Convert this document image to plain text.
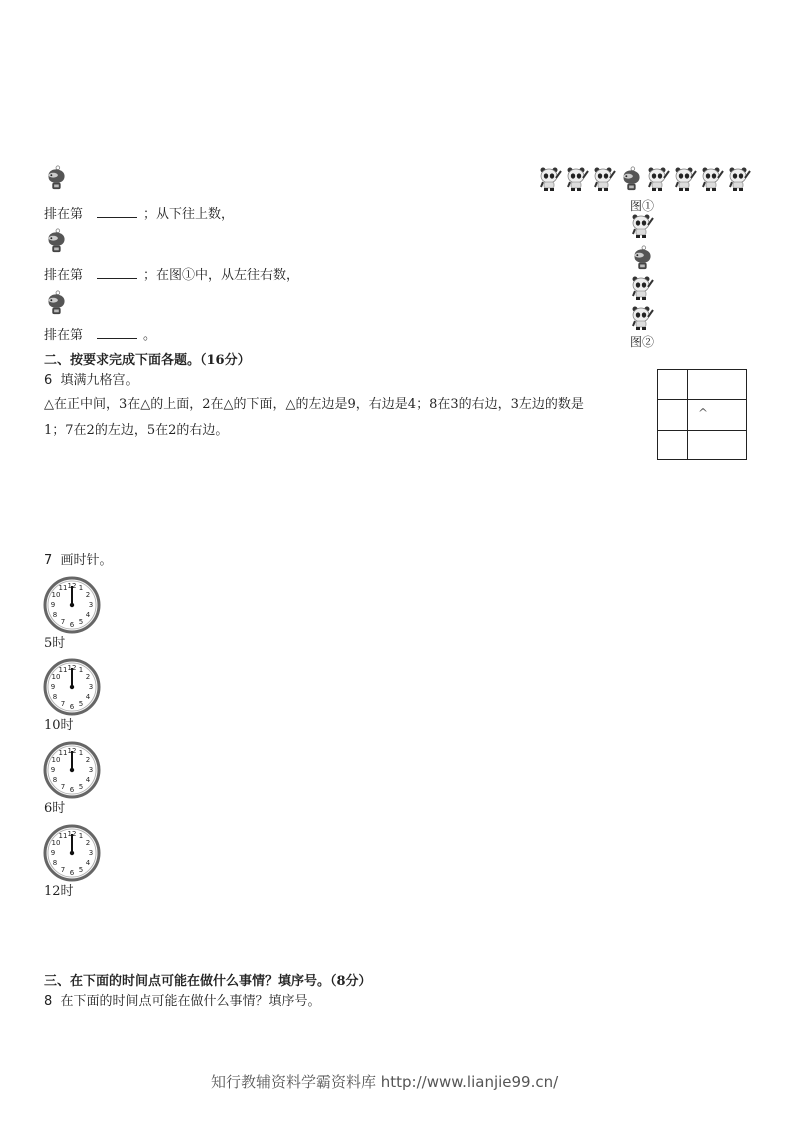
排在第	；从下往上数，
排在第	；在图①中，从左往右数，
排在第	。
图①
图②
二、按要求完成下面各题。（16分）
6 填满九格宫。
△在正中间，3在△的上面，2在△的下面，△的左边是9，右边是4；8在3的右边，3左边的数是
1；7在2的左边，5在2的右边。
^
7 画时针。
5时
10时
6时
12时
三、在下面的时间点可能在做什么事情？填序号。（8分）
8 在下面的时间点可能在做什么事情？填序号。
知行教辅资料学霸资料库 http://www.lianjie99.cn/
